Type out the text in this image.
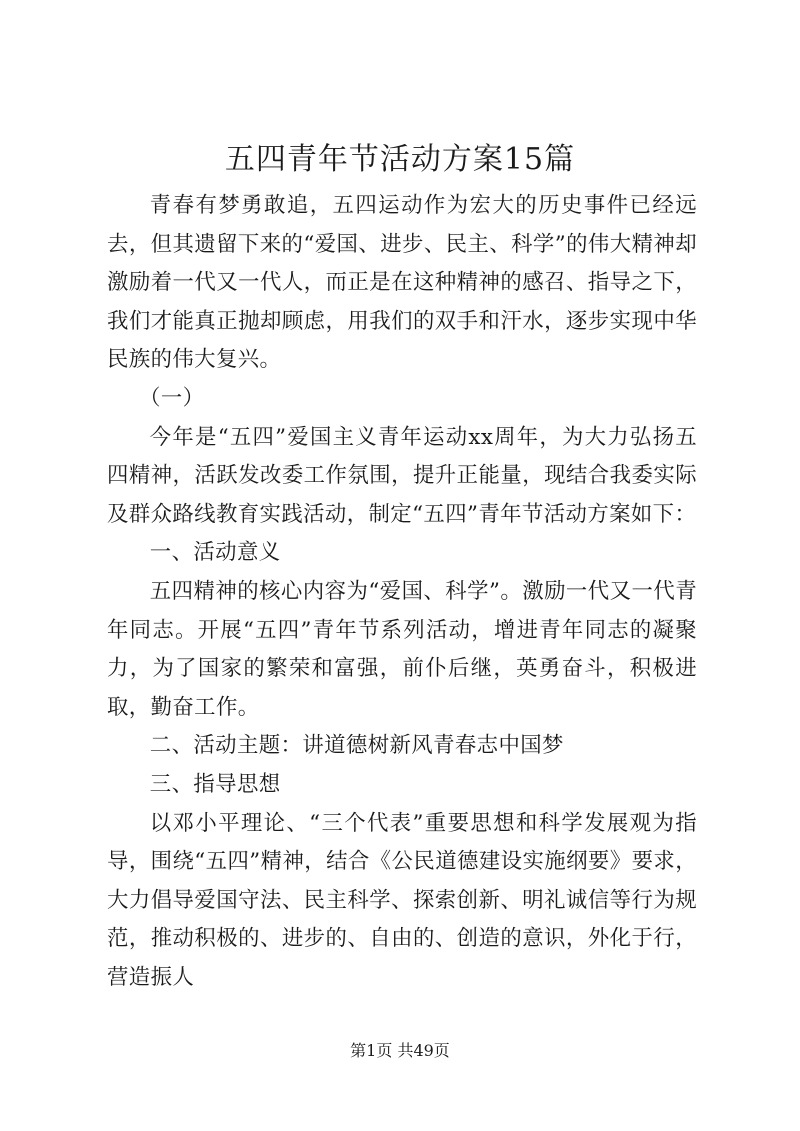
五四青年节活动方案15篇

青春有梦勇敢追，五四运动作为宏大的历史事件已经远去，但其遗留下来的“爱国、进步、民主、科学”的伟大精神却激励着一代又一代人，而正是在这种精神的感召、指导之下，我们才能真正抛却顾虑，用我们的双手和汗水，逐步实现中华民族的伟大复兴。

（一）

今年是“五四”爱国主义青年运动xx周年，为大力弘扬五四精神，活跃发改委工作氛围，提升正能量，现结合我委实际及群众路线教育实践活动，制定“五四”青年节活动方案如下：

一、活动意义

五四精神的核心内容为“爱国、科学”。激励一代又一代青年同志。开展“五四”青年节系列活动，增进青年同志的凝聚力，为了国家的繁荣和富强，前仆后继，英勇奋斗，积极进取，勤奋工作。

二、活动主题：讲道德树新风青春志中国梦

三、指导思想

以邓小平理论、“三个代表”重要思想和科学发展观为指导，围绕“五四”精神，结合《公民道德建设实施纲要》要求，大力倡导爱国守法、民主科学、探索创新、明礼诚信等行为规范，推动积极的、进步的、自由的、创造的意识，外化于行，营造振人

第1页 共49页
